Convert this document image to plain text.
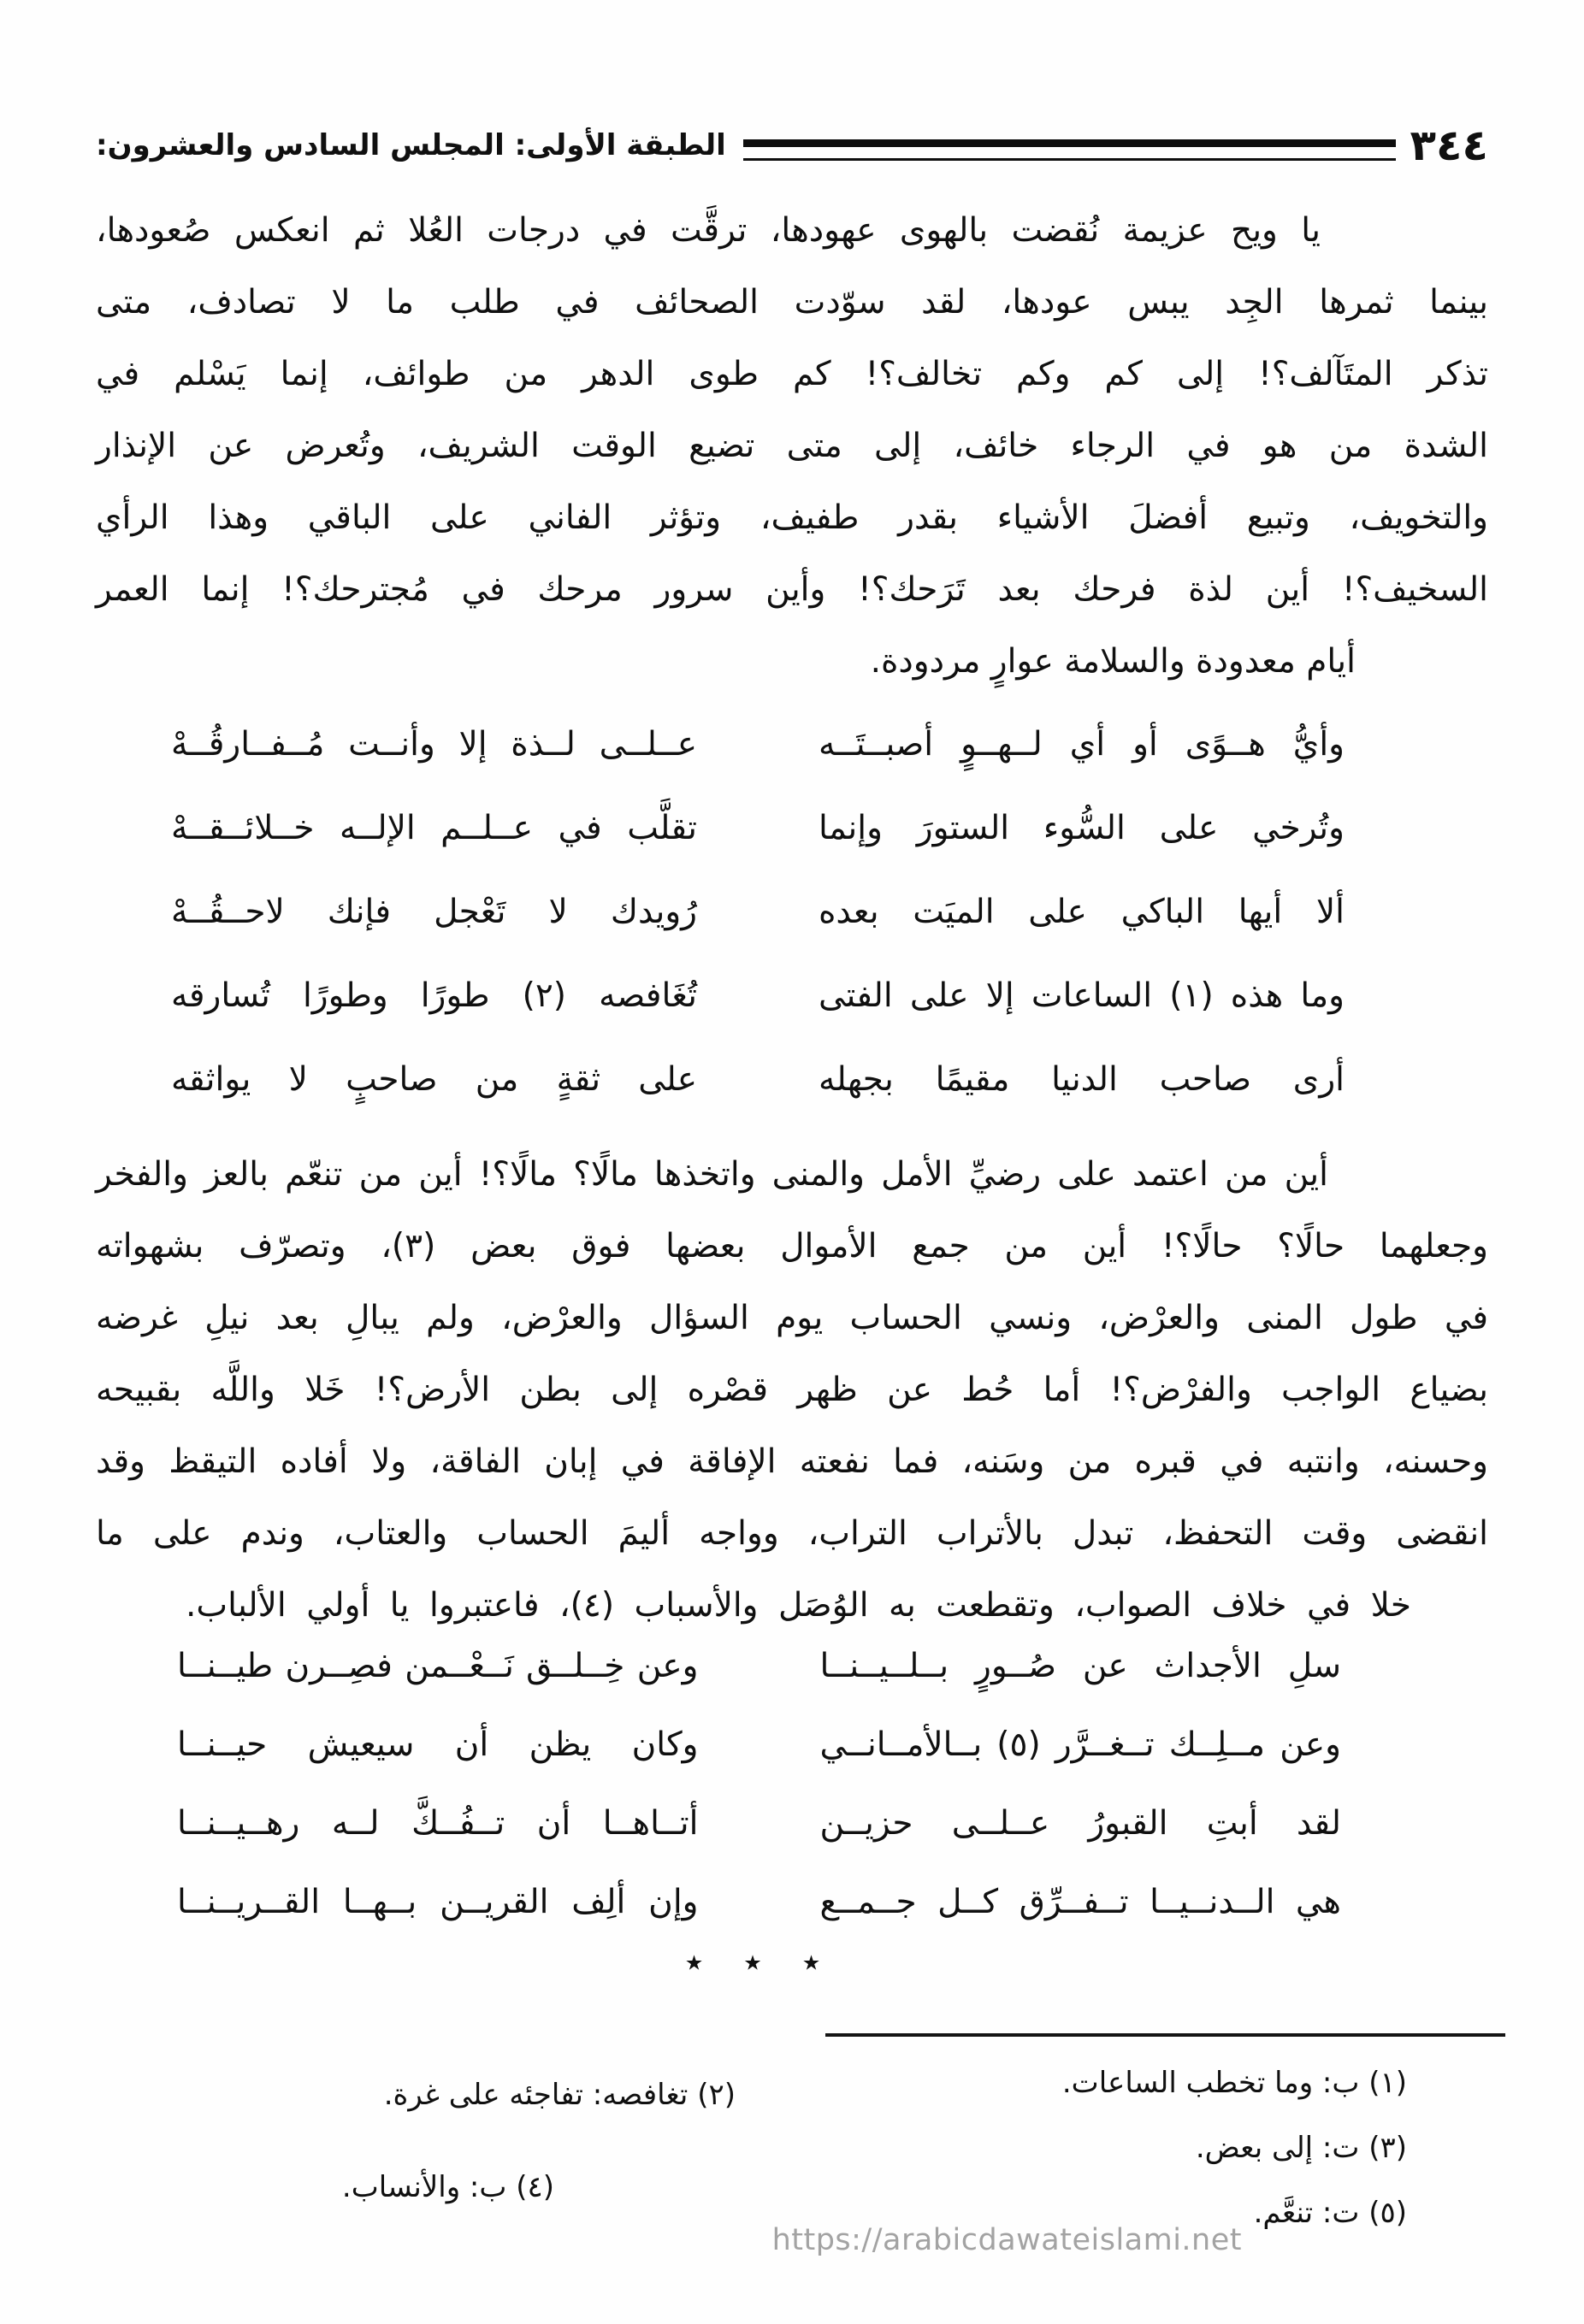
٣٤٤
الطبقة الأولى: المجلس السادس والعشرون:
يا ويح عزيمة نُقضت بالهوى عهودها، ترقَّت في درجات العُلا ثم انعكس صُعودها،
بينما ثمرها الجِد يبس عودها، لقد سوّدت الصحائف في طلب ما لا تصادف، متى
تذكر المتَآلف؟! إلى كم وكم تخالف؟! كم طوى الدهر من طوائف، إنما يَسْلم في
الشدة من هو في الرجاء خائف، إلى متى تضيع الوقت الشريف، وتُعرض عن الإنذار
والتخويف، وتبيع أفضلَ الأشياء بقدر طفيف، وتؤثر الفاني على الباقي وهذا الرأي
السخيف؟! أين لذة فرحك بعد تَرَحك؟! وأين سرور مرحك في مُجترحك؟! إنما العمر
أيام معدودة والسلامة عوارٍ مردودة.
وأيُّ هــوًى أو أي لــهــوٍ أصبــتَــه
عــلــى لــذة إلا وأنــت مُــفــارقُــهْ
وتُرخي على السُّوء الستورَ وإنما
تقلَّب في عــلــم الإلــه خــلائــقــهْ
ألا أيها الباكي على الميَت بعده
رُويدك لا تَعْجل فإنك لاحــقُــهْ
وما هذه (١) الساعات إلا على الفتى
تُغَافصه (٢) طورًا وطورًا تُسارقه
أرى صاحب الدنيا مقيمًا بجهله
على ثقةٍ من صاحبٍ لا يواثقه
أين من اعتمد على رضيِّ الأمل والمنى واتخذها مالًا؟ مالًا؟! أين من تنعّم بالعز والفخر
وجعلهما حالًا؟ حالًا؟! أين من جمع الأموال بعضها فوق بعض (٣)، وتصرّف بشهواته
في طول المنى والعرْض، ونسي الحساب يوم السؤال والعرْض، ولم يبالِ بعد نيلِ غرضه
بضياع الواجب والفرْض؟! أما حُط عن ظهر قصْره إلى بطن الأرض؟! خَلا واللَّه بقبيحه
وحسنه، وانتبه في قبره من وسَنه، فما نفعته الإفاقة في إبان الفاقة، ولا أفاده التيقظ وقد
انقضى وقت التحفظ، تبدل بالأتراب التراب، وواجه أليمَ الحساب والعتاب، وندم على ما
خلا في خلاف الصواب، وتقطعت به الوُصَل والأسباب (٤)، فاعتبروا يا أولي الألباب.
سلِ الأجداث عن صُــورٍ بــلــيــنــا
وعن خِــلــق نَــعْــمن فصِــرن طيــنــا
وعن مــلِــك تــغــرَّر (٥) بــالأمــانــي
وكان يظن أن سيعيش حيــنــا
لقد أبتِ القبورُ عــلــى حزيــن
أتــاهــا أن تــفُــكَّ لــه رهــيــنــا
هي الــدنــيــا تــفــرِّق كــل جــمــع
وإن ألِف القريــن بــهــا القــريــنــا
٭ ٭ ٭
(١) ب: وما تخطب الساعات.
(٣) ت: إلى بعض.
(٥) ت: تنعَّم.
(٢) تغافصه: تفاجئه على غرة.
(٤) ب: والأنساب.
https://arabicdawateislami.net
